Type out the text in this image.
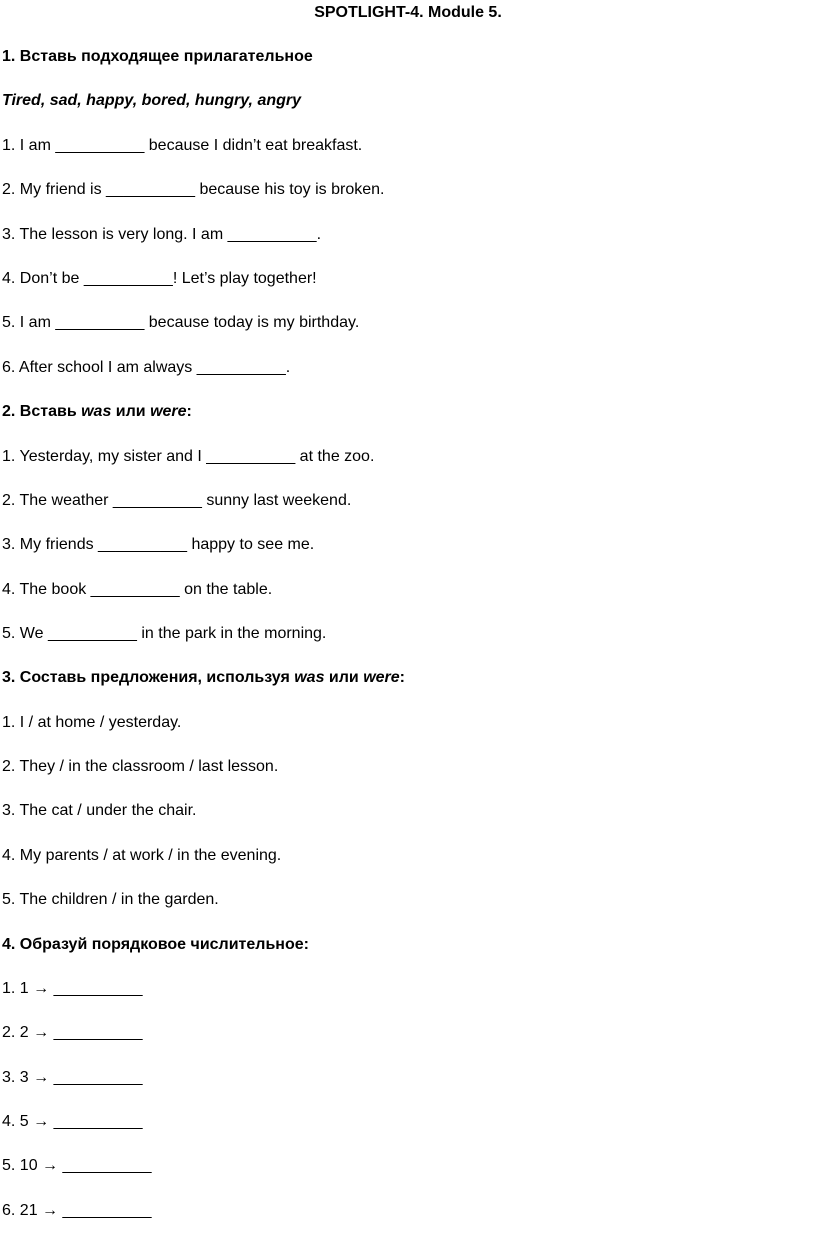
SPOTLIGHT-4. Module 5.
1. Вставь подходящее прилагательное
Tired, sad, happy, bored, hungry, angry
1. I am __________ because I didn’t eat breakfast.
2. My friend is __________ because his toy is broken.
3. The lesson is very long. I am __________.
4. Don’t be __________! Let’s play together!
5. I am __________ because today is my birthday.
6. After school I am always __________.
2. Вставь was или were:
1. Yesterday, my sister and I __________ at the zoo.
2. The weather __________ sunny last weekend.
3. My friends __________ happy to see me.
4. The book __________ on the table.
5. We __________ in the park in the morning.
3. Составь предложения, используя was или were:
1. I / at home / yesterday.
2. They / in the classroom / last lesson.
3. The cat / under the chair.
4. My parents / at work / in the evening.
5. The children / in the garden.
4. Образуй порядковое числительное:
1. 1 → __________
2. 2 → __________
3. 3 → __________
4. 5 → __________
5. 10 → __________
6. 21 → __________
